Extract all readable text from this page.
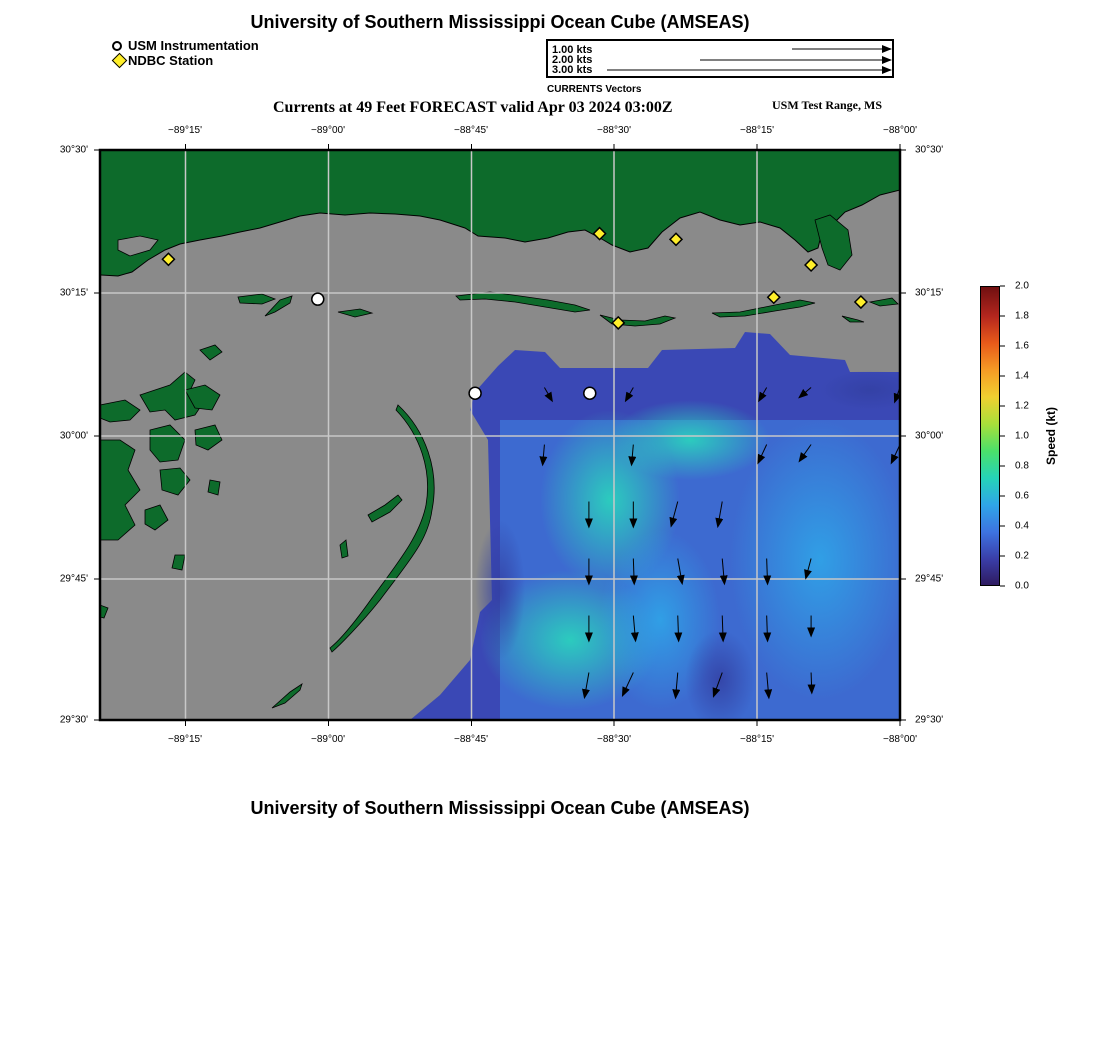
University of Southern Mississippi Ocean Cube (AMSEAS)
USM Instrumentation
NDBC Station
1.00 kts
2.00 kts
3.00 kts
CURRENTS Vectors
Currents at 49 Feet FORECAST valid Apr 03 2024 03:00Z	USM Test Range, MS
−89°15'	−89°00'	−88°45'	−88°30'	−88°15'	−88°00'
−89°15'	−89°00'	−88°45'	−88°30'	−88°15'	−88°00'
30°30'
30°15'
30°00'
29°45'
29°30'
30°30'
30°15'
30°00'
29°45'
29°30'
2.0
1.8
1.6
1.4
1.2
1.0
0.8
0.6
0.4
0.2
0.0
Speed (kt)
University of Southern Mississippi Ocean Cube (AMSEAS)
